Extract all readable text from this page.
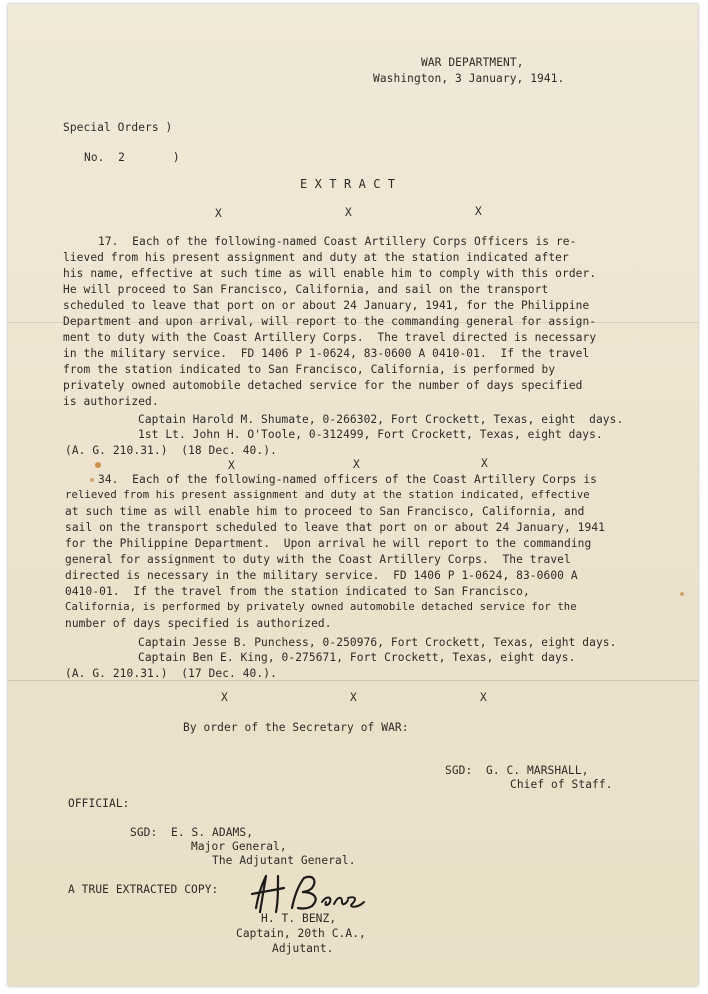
WAR DEPARTMENT,
Washington, 3 January, 1941.
Special Orders )
No.  2       )
E X T R A C T
X	X	X
17.  Each of the following-named Coast Artillery Corps Officers is re-
lieved from his present assignment and duty at the station indicated after
his name, effective at such time as will enable him to comply with this order.
He will proceed to San Francisco, California, and sail on the transport
scheduled to leave that port on or about 24 January, 1941, for the Philippine
Department and upon arrival, will report to the commanding general for assign-
ment to duty with the Coast Artillery Corps.  The travel directed is necessary
in the military service.  FD 1406 P 1-0624, 83-0600 A 0410-01.  If the travel
from the station indicated to San Francisco, California, is performed by
privately owned automobile detached service for the number of days specified
is authorized.
Captain Harold M. Shumate, 0-266302, Fort Crockett, Texas, eight  days.
1st Lt. John H. O'Toole, 0-312499, Fort Crockett, Texas, eight days.
(A. G. 210.31.)  (18 Dec. 40.).
X	X	X
34.  Each of the following-named officers of the Coast Artillery Corps is
relieved from his present assignment and duty at the station indicated, effective
at such time as will enable him to proceed to San Francisco, California, and
sail on the transport scheduled to leave that port on or about 24 January, 1941
for the Philippine Department.  Upon arrival he will report to the commanding
general for assignment to duty with the Coast Artillery Corps.  The travel
directed is necessary in the military service.  FD 1406 P 1-0624, 83-0600 A
0410-01.  If the travel from the station indicated to San Francisco,
California, is performed by privately owned automobile detached service for the
number of days specified is authorized.
Captain Jesse B. Punchess, 0-250976, Fort Crockett, Texas, eight days.
Captain Ben E. King, 0-275671, Fort Crockett, Texas, eight days.
(A. G. 210.31.)  (17 Dec. 40.).
X	X	X
By order of the Secretary of WAR:
SGD:  G. C. MARSHALL,
Chief of Staff.
OFFICIAL:
SGD:  E. S. ADAMS,
Major General,
The Adjutant General.
A TRUE EXTRACTED COPY:
H. T. BENZ,
Captain, 20th C.A.,
Adjutant.
